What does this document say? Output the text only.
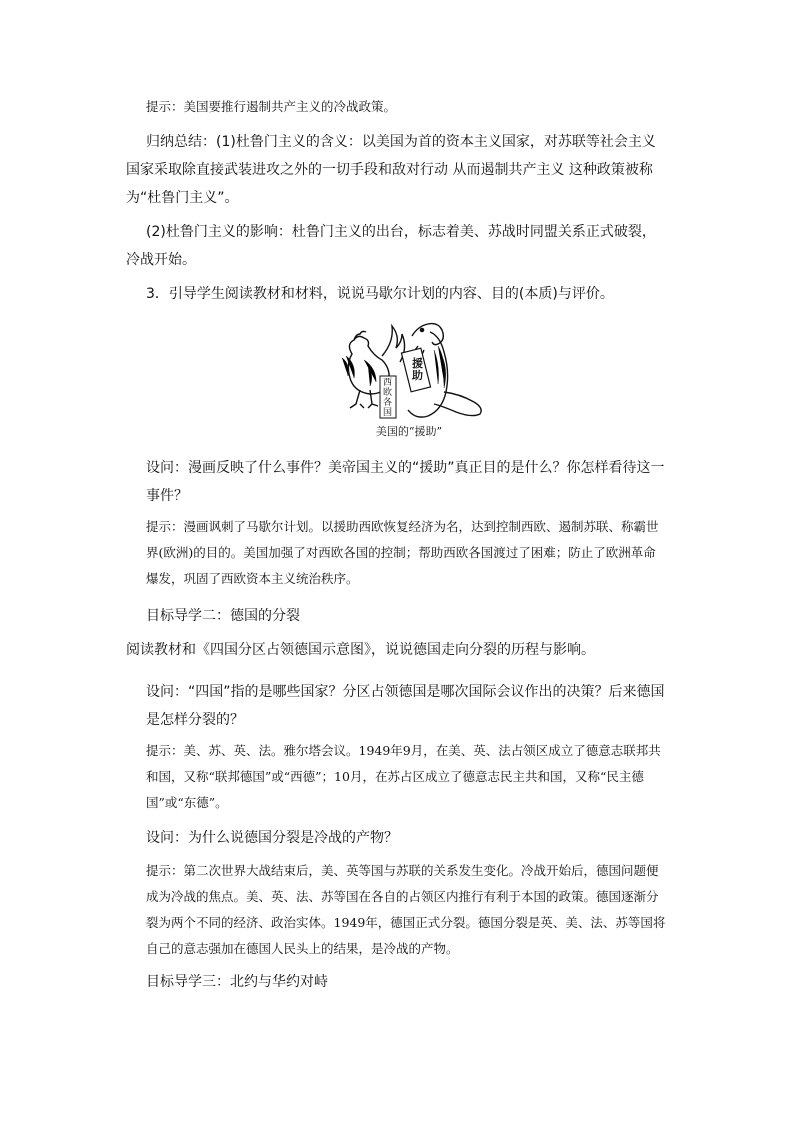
提示：美国要推行遏制共产主义的冷战政策。

归纳总结：(1)杜鲁门主义的含义：以美国为首的资本主义国家，对苏联等社会主义国家采取除直接武装进攻之外的一切手段和敌对行动 从而遏制共产主义 这种政策被称为“杜鲁门主义”。

(2)杜鲁门主义的影响：杜鲁门主义的出台，标志着美、苏战时同盟关系正式破裂，冷战开始。

3．引导学生阅读教材和材料，说说马歇尔计划的内容、目的(本质)与评价。

西欧各国
援助
美国的“援助”

设问：漫画反映了什么事件？美帝国主义的“援助”真正目的是什么？你怎样看待这一事件？

提示：漫画讽刺了马歇尔计划。以援助西欧恢复经济为名，达到控制西欧、遏制苏联、称霸世界(欧洲)的目的。美国加强了对西欧各国的控制；帮助西欧各国渡过了困难；防止了欧洲革命爆发，巩固了西欧资本主义统治秩序。

目标导学二：德国的分裂

阅读教材和《四国分区占领德国示意图》，说说德国走向分裂的历程与影响。

设问：“四国”指的是哪些国家？分区占领德国是哪次国际会议作出的决策？后来德国是怎样分裂的？

提示：美、苏、英、法。雅尔塔会议。1949年9月，在美、英、法占领区成立了德意志联邦共和国，又称“联邦德国”或“西德”；10月，在苏占区成立了德意志民主共和国，又称“民主德国”或“东德”。

设问：为什么说德国分裂是冷战的产物？

提示：第二次世界大战结束后，美、英等国与苏联的关系发生变化。冷战开始后，德国问题便成为冷战的焦点。美、英、法、苏等国在各自的占领区内推行有利于本国的政策。德国逐渐分裂为两个不同的经济、政治实体。1949年，德国正式分裂。德国分裂是英、美、法、苏等国将自己的意志强加在德国人民头上的结果，是冷战的产物。

目标导学三：北约与华约对峙
